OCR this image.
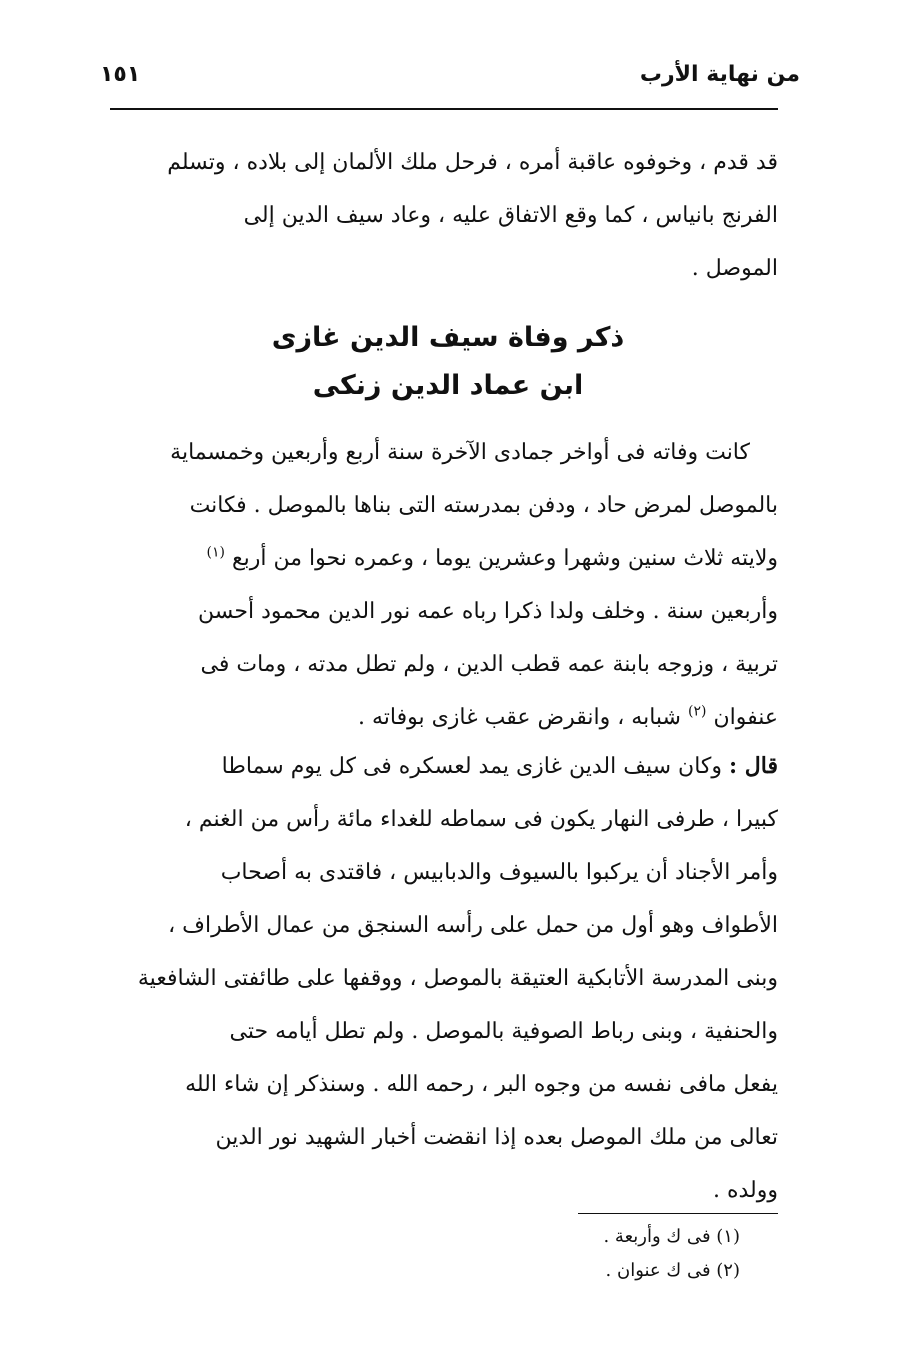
١٥١	من نهاية الأرب
قد قدم ، وخوفوه عاقبة أمره ، فرحل ملك الألمان إلى بلاده ، وتسلم
الفرنج بانياس ، كما وقع الاتفاق عليه ، وعاد سيف الدين إلى
الموصل .
ذكر وفاة سيف الدين غازى
ابن عماد الدين زنكى
كانت وفاته فى أواخر جمادى الآخرة سنة أربع وأربعين وخمسماية
بالموصل لمرض حاد ، ودفن بمدرسته التى بناها بالموصل . فكانت
ولايته ثلاث سنين وشهرا وعشرين يوما ، وعمره نحوا من أربع $^{(١)}$
وأربعين سنة . وخلف ولدا ذكرا رباه عمه نور الدين محمود أحسن
تربية ، وزوجه بابنة عمه قطب الدين ، ولم تطل مدته ، ومات فى
عنفوان $^{(٢)}$ شبابه ، وانقرض عقب غازى بوفاته .
قال : وكان سيف الدين غازى يمد لعسكره فى كل يوم سماطا
كبيرا ، طرفى النهار يكون فى سماطه للغداء مائة رأس من الغنم ،
وأمر الأجناد أن يركبوا بالسيوف والدبابيس ، فاقتدى به أصحاب
الأطواف وهو أول من حمل على رأسه السنجق من عمال الأطراف ،
وبنى المدرسة الأتابكية العتيقة بالموصل ، ووقفها على طائفتى الشافعية
والحنفية ، وبنى رباط الصوفية بالموصل . ولم تطل أيامه حتى
يفعل مافى نفسه من وجوه البر ، رحمه الله . وسنذكر إن شاء الله
تعالى من ملك الموصل بعده إذا انقضت أخبار الشهيد نور الدين
وولده .
(١) فى ك وأربعة .
(٢) فى ك عنوان .
